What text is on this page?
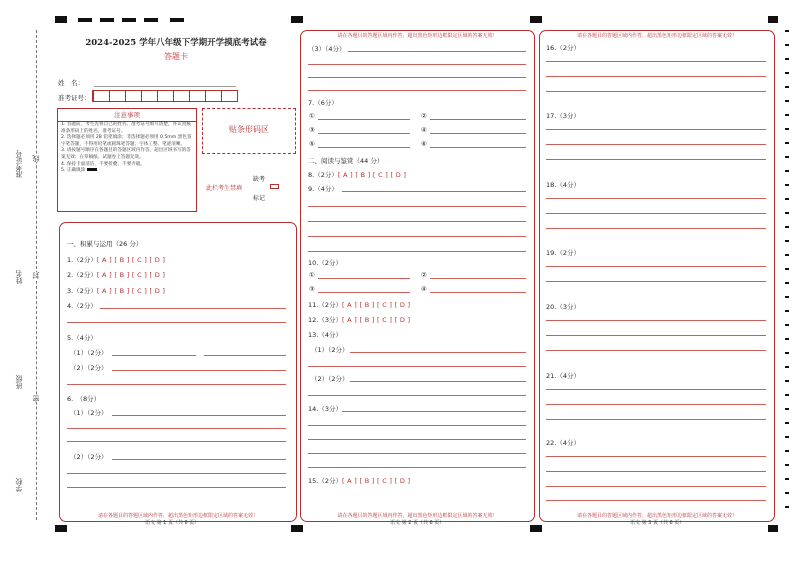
准考证号 线
姓名 封
班级
密
学校
2024-2025 学年八年级下学期开学摸底考试卷
答题卡
姓　名：
准考证号：
注意事项
1. 答题前，考生先将自己的姓名、准考证号填写清楚，并认真核准条形码上的姓名、准考证号。
2. 选择题必须用 2B 铅笔填涂；非选择题必须用 0.5mm 黑色签字笔答题，不得用铅笔或圆珠笔答题；字体工整、笔迹清晰。
3. 请按题号顺序在各题目的答题区域内作答，超出区域书写的答案无效；在草稿纸、试题卷上答题无效。
4. 保持卡面清洁，不要折叠、不要弄破。
5. 正确填涂
贴条形码区
此栏考生禁填
缺考
标记
一、积累与运用（26 分）
1.（2分）[ A ] [ B ] [ C ] [ D ]
2.（2分）[ A ] [ B ] [ C ] [ D ]
3.（2分）[ A ] [ B ] [ C ] [ D ]
4.（2分）
5.（4分）
（1）（2分）
（2）（2分）
6.　（8分）
（1）（2分）
（2）（2分）
请在各题目的答题区域内作答，超出黑色矩形边框限定区域的答案无效！
语文 第 1 页（共 6 页）
请在各题目的答题区域内作答，超出黑色矩形边框限定区域的答案无效！
（3）（4分）
7.（6分）
①	②
③	④
⑤	⑥
二、阅读与鉴赏（44 分）
8.（2分）[ A ] [ B ] [ C ] [ D ]
9.（4分）
10.（2分）
①	②
③	④
11.（2分）[ A ] [ B ] [ C ] [ D ]
12.（3分）[ A ] [ B ] [ C ] [ D ]
13.（4分）
（1）（2分）
（2）（2分）
14.（3分）
15.（2分）[ A ] [ B ] [ C ] [ D ]
请在各题目的答题区域内作答，超出黑色矩形边框限定区域的答案无效！
语文 第 2 页（共 6 页）
请在各题目的答题区域内作答，超出黑色矩形边框限定区域的答案无效！
16.（2分）
17.（3分）
18.（4分）
19.（2分）
20.（3分）
21.（4分）
22.（4分）
请在各题目的答题区域内作答，超出黑色矩形边框限定区域的答案无效！
语文 第 3 页（共 6 页）
